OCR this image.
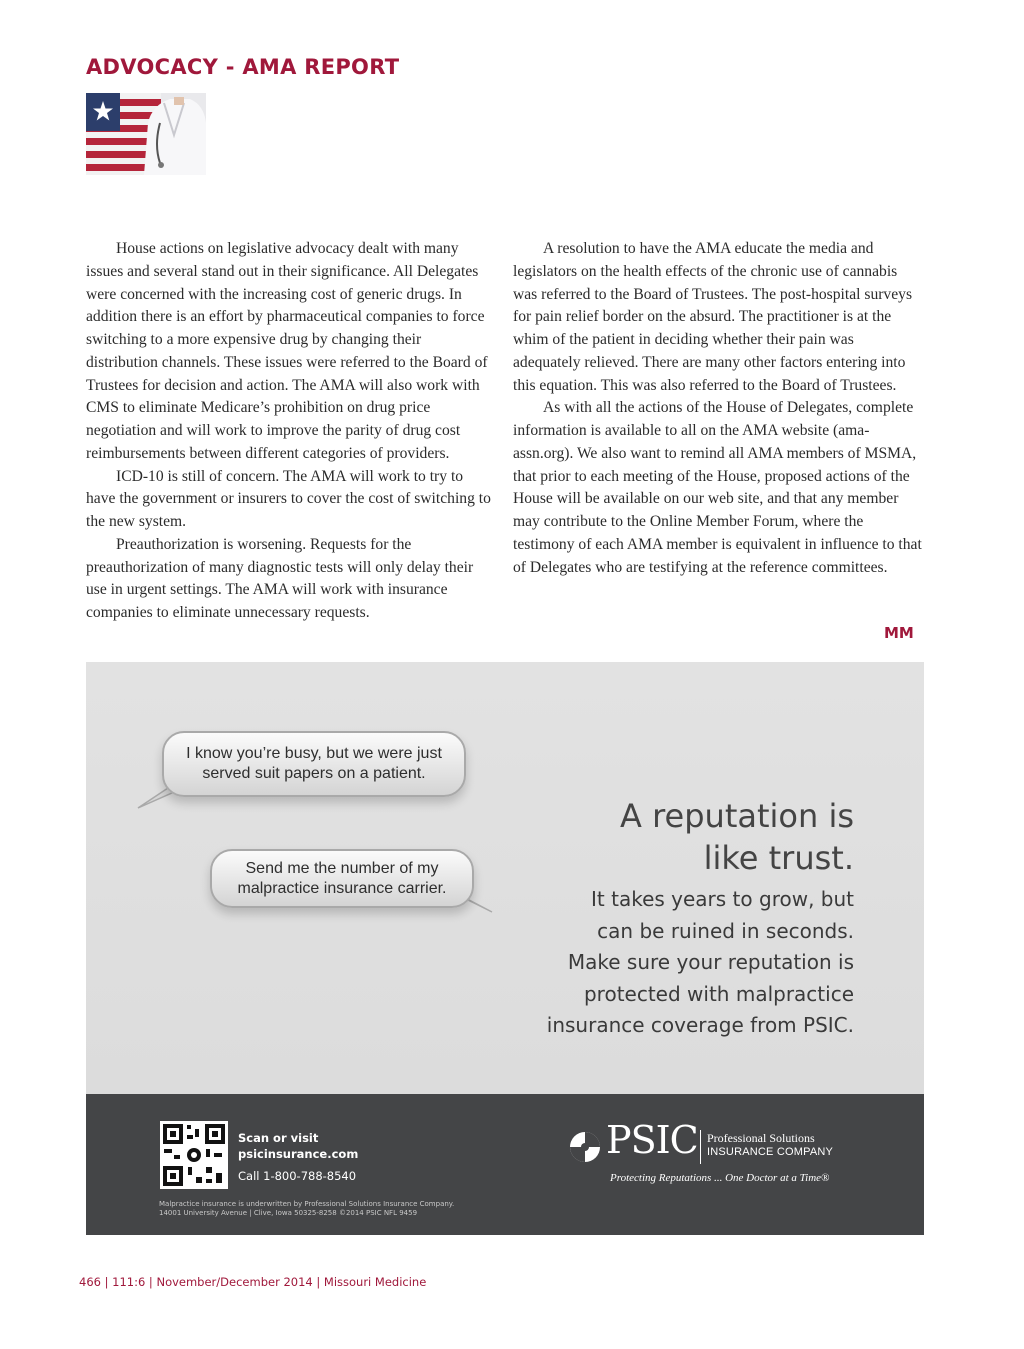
ADVOCACY - AMA REPORT

House actions on legislative advocacy dealt with many issues and several stand out in their significance. All Delegates were concerned with the increasing cost of generic drugs. In addition there is an effort by pharmaceutical companies to force switching to a more expensive drug by changing their distribution channels. These issues were referred to the Board of Trustees for decision and action. The AMA will also work with CMS to eliminate Medicare’s prohibition on drug price negotiation and will work to improve the parity of drug cost reimbursements between different categories of providers.

ICD-10 is still of concern. The AMA will work to try to have the government or insurers to cover the cost of switching to the new system.

Preauthorization is worsening. Requests for the preauthorization of many diagnostic tests will only delay their use in urgent settings. The AMA will work with insurance companies to eliminate unnecessary requests.

A resolution to have the AMA educate the media and legislators on the health effects of the chronic use of cannabis was referred to the Board of Trustees. The post-hospital surveys for pain relief border on the absurd. The practitioner is at the whim of the patient in deciding whether their pain was adequately relieved. There are many other factors entering into this equation. This was also referred to the Board of Trustees.

As with all the actions of the House of Delegates, complete information is available to all on the AMA website (ama-assn.org). We also want to remind all AMA members of MSMA, that prior to each meeting of the House, proposed actions of the House will be available on our web site, and that any member may contribute to the Online Member Forum, where the testimony of each AMA member is equivalent in influence to that of Delegates who are testifying at the reference committees.

MM
I know you’re busy, but we were just served suit papers on a patient.
Send me the number of my malpractice insurance carrier.
A reputation is
like trust.
It takes years to grow, but
can be ruined in seconds.
Make sure your reputation is
protected with malpractice
insurance coverage from PSIC.
Scan or visit
psicinsurance.com
Call 1-800-788-8540
Malpractice insurance is underwritten by Professional Solutions Insurance Company.
14001 University Avenue | Clive, Iowa 50325-8258 ©2014 PSIC NFL 9459
PSIC Professional Solutions
INSURANCE COMPANY
Protecting Reputations ... One Doctor at a Time®
466 | 111:6 | November/December 2014 | Missouri Medicine
